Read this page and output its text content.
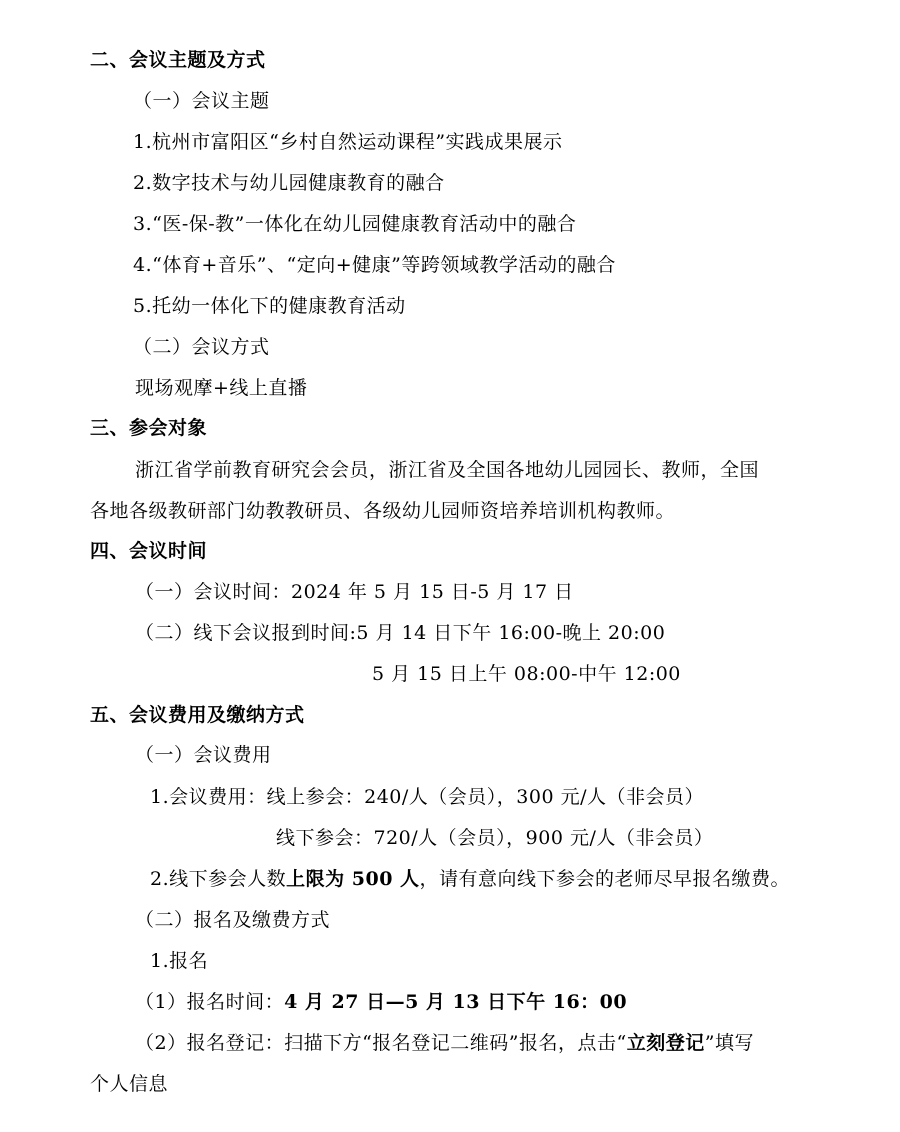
二、会议主题及方式
（一）会议主题
1.杭州市富阳区“乡村自然运动课程”实践成果展示
2.数字技术与幼儿园健康教育的融合
3.“医-保-教”一体化在幼儿园健康教育活动中的融合
4.“体育+音乐”、“定向+健康”等跨领域教学活动的融合
5.托幼一体化下的健康教育活动
（二）会议方式
现场观摩+线上直播
三、参会对象
浙江省学前教育研究会会员，浙江省及全国各地幼儿园园长、教师，全国
各地各级教研部门幼教教研员、各级幼儿园师资培养培训机构教师。
四、会议时间
（一）会议时间：2024 年 5 月 15 日-5 月 17 日
（二）线下会议报到时间:5 月 14 日下午 16:00-晚上 20:00
5 月 15 日上午 08:00-中午 12:00
五、会议费用及缴纳方式
（一）会议费用
1.会议费用：线上参会：240/人（会员），300 元/人（非会员）
线下参会：720/人（会员），900 元/人（非会员）
2.线下参会人数上限为 500 人，请有意向线下参会的老师尽早报名缴费。
（二）报名及缴费方式
1.报名
（1）报名时间：4 月 27 日—5 月 13 日下午 16：00
（2）报名登记：扫描下方“报名登记二维码”报名，点击“立刻登记”填写
个人信息
